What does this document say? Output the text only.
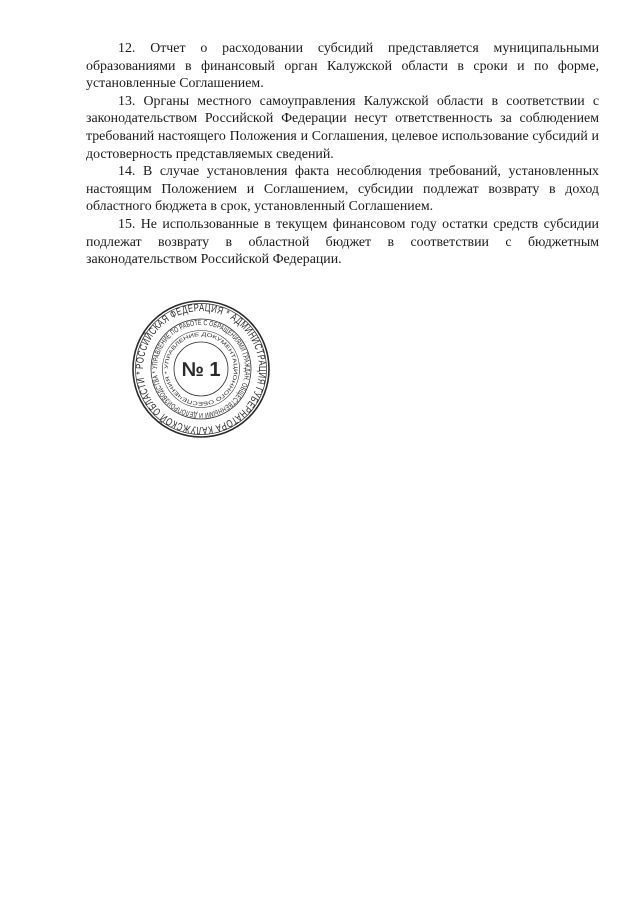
12. Отчет о расходовании субсидий представляется муниципальными образованиями в финансовый орган Калужской области в сроки и по форме, установленные Соглашением.

13. Органы местного самоуправления Калужской области в соответствии с законодательством Российской Федерации несут ответственность за соблюдением требований настоящего Положения и Соглашения, целевое использование субсидий и достоверность представляемых сведений.

14. В случае установления факта несоблюдения требований, установленных настоящим Положением и Соглашением, субсидии подлежат возврату в доход областного бюджета в срок, установленный Соглашением.

15. Не использованные в текущем финансовом году остатки средств субсидии подлежат возврату в областной бюджет в соответствии с бюджетным законодательством Российской Федерации.

РОССИЙСКАЯ ФЕДЕРАЦИЯ * АДМИНИСТРАЦИЯ ГУБЕРНАТОРА КАЛУЖСКОЙ ОБЛАСТИ *
УПРАВЛЕНИЕ ПО РАБОТЕ С ОБРАЩЕНИЯМИ ГРАЖДАН, ОБЩЕСТВЕННЫМИ И ДЕЛОПРОИЗВОДСТВА *
УПРАВЛЕНИЕ ДОКУМЕНТАЦИОННОГО ОБЕСПЕЧЕНИЯ * № 1
